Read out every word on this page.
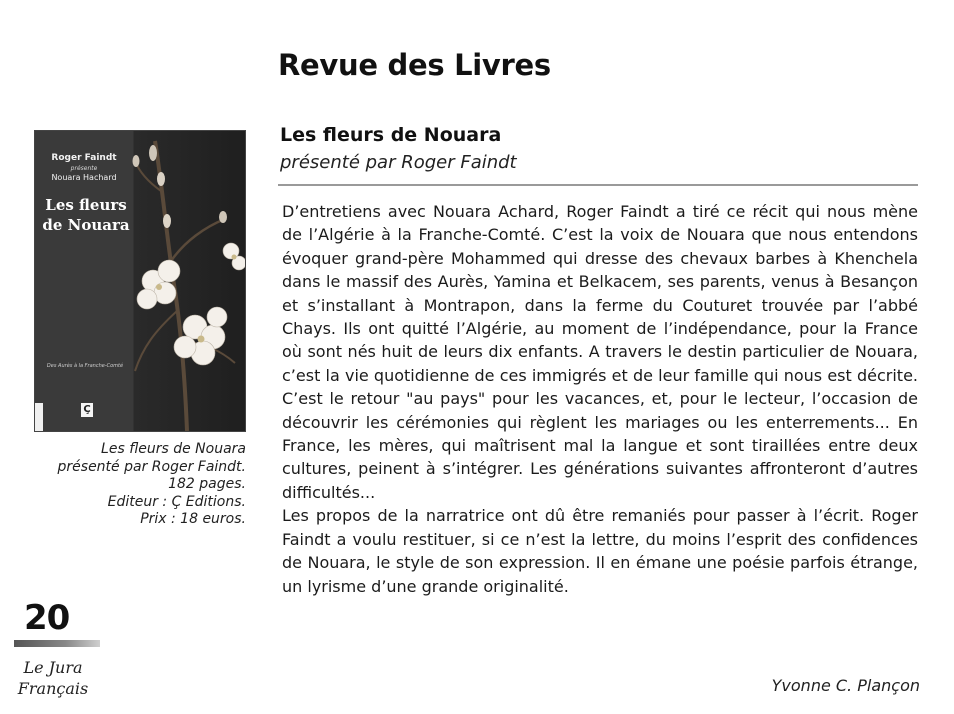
Revue des Livres
Les fleurs de Nouara
présenté par Roger Faindt

D’entretiens avec Nouara Achard, Roger Faindt a tiré ce récit qui nous mène de l’Algérie à la Franche-Comté. C’est la voix de Nouara que nous entendons évoquer grand-père Mohammed qui dresse des chevaux barbes à Khenchela dans le massif des Aurès, Yamina et Belkacem, ses parents, venus à Besançon et s’installant à Montrapon, dans la ferme du Couturet trouvée par l’abbé Chays. Ils ont quitté l’Algérie, au moment de l’indépendance, pour la France où sont nés huit de leurs dix enfants. A travers le destin particulier de Nouara, c’est la vie quotidienne de ces immigrés et de leur famille qui nous est décrite. C’est le retour "au pays" pour les vacances, et, pour le lecteur, l’occasion de découvrir les cérémonies qui règlent les mariages ou les enterrements... En France, les mères, qui maîtrisent mal la langue et sont tiraillées entre deux cultures, peinent à s’intégrer. Les générations suivantes affronteront d’autres difficultés...

Les propos de la narratrice ont dû être remaniés pour passer à l’écrit. Roger Faindt a voulu restituer, si ce n’est la lettre, du moins l’esprit des confidences de Nouara, le style de son expression. Il en émane une poésie parfois étrange, un lyrisme d’une grande originalité.

Yvonne C. Plançon
Roger Faindt
présente
Nouara Hachard
Les fleurs
de Nouara
Des Aurès à la Franche-Comté
Ç
Les fleurs de Nouara
présenté par Roger Faindt.
182 pages.
Editeur : Ç Editions.
Prix : 18 euros.
20
Le Jura
Français
